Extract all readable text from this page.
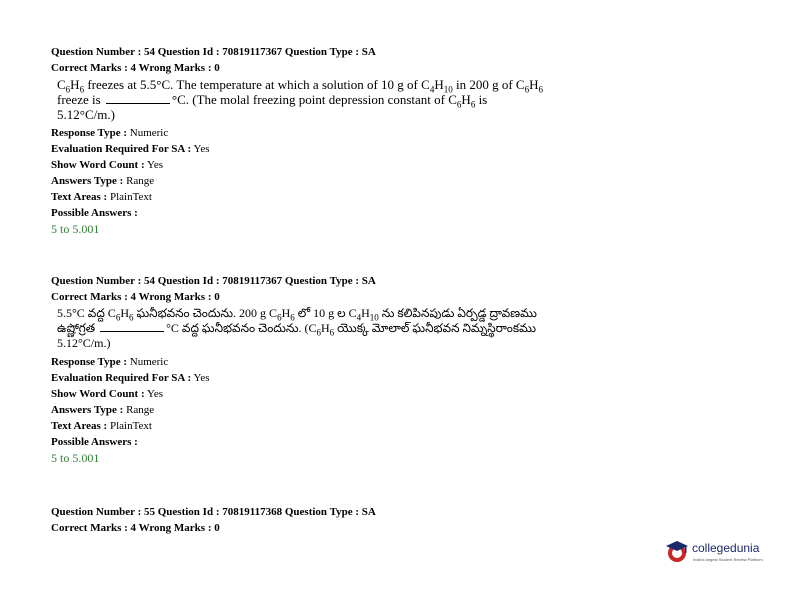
Question Number : 54 Question Id : 70819117367 Question Type : SA
Correct Marks : 4 Wrong Marks : 0
$C_6H_6$ freezes at 5.5°C. The temperature at which a solution of 10 g of $C_4H_{10}$ in 200 g of $C_6H_6$
freeze is	°C. (The molal freezing point depression constant of $C_6H_6$ is
5.12°C/m.)
Response Type : Numeric
Evaluation Required For SA : Yes
Show Word Count : Yes
Answers Type : Range
Text Areas : PlainText
Possible Answers :
5 to 5.001
Question Number : 54 Question Id : 70819117367 Question Type : SA
Correct Marks : 4 Wrong Marks : 0
5.5°C వద్ద $C_6H_6$ ఘనీభవనం చెందును. 200 g $C_6H_6$ లో 10 g ల $C_4H_{10}$ ను కలిపినపుడు ఏర్పడ్డ ద్రావణము
ఉష్ణోగ్రత	°C వద్ద ఘనీభవనం చెందును. ($C_6H_6$ యొక్క మోలాల్ ఘనీభవన నిమ్నస్థిరాంకము
5.12°C/m.)
Response Type : Numeric
Evaluation Required For SA : Yes
Show Word Count : Yes
Answers Type : Range
Text Areas : PlainText
Possible Answers :
5 to 5.001
Question Number : 55 Question Id : 70819117368 Question Type : SA
Correct Marks : 4 Wrong Marks : 0
collegedunia
India's largest Student Review Platform
